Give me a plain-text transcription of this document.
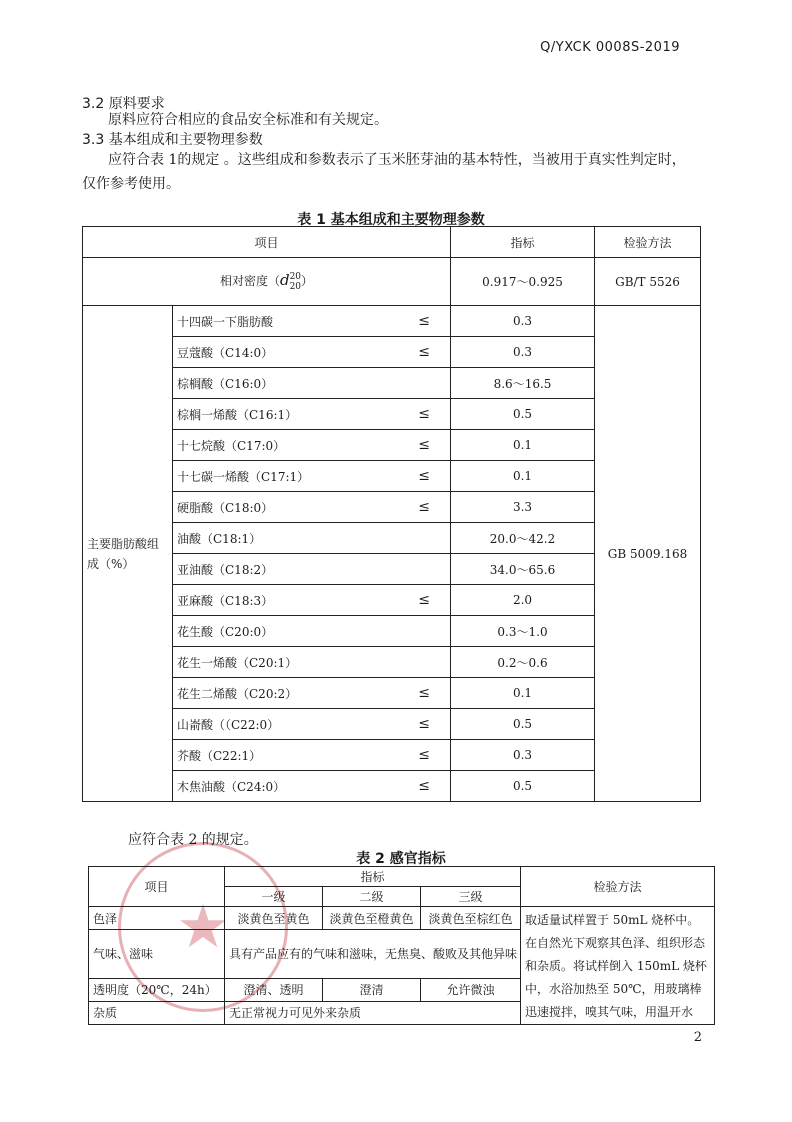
Q/YXCK 0008S-2019
3.2 原料要求
原料应符合相应的食品安全标准和有关规定。
3.3 基本组成和主要物理参数
应符合表 1的规定 。这些组成和参数表示了玉米胚芽油的基本特性，当被用于真实性判定时，
仅作参考使用。
表 1 基本组成和主要物理参数
项目		指标	检验方法
相对密度（d 20
20 ）		0.917～0.925	GB/T 5526
主要脂肪酸组成（%）	十四碳一下脂肪酸 ≤	0.3	GB 5009.168
	豆蔻酸（C14:0） ≤	0.3	
	棕榈酸（C16:0）	8.6～16.5	
	棕榈一烯酸（C16:1） ≤	0.5	
	十七烷酸（C17:0） ≤	0.1	
	十七碳一烯酸（C17:1） ≤	0.1	
	硬脂酸（C18:0） ≤	3.3	
	油酸（C18:1）	20.0～42.2	
	亚油酸（C18:2）	34.0～65.6	
	亚麻酸（C18:3） ≤	2.0	
	花生酸（C20:0）	0.3～1.0	
	花生一烯酸（C20:1）	0.2～0.6	
	花生二烯酸（C20:2） ≤	0.1	
	山嵛酸（（C22:0） ≤	0.5	
	芥酸（C22:1） ≤	0.3	
	木焦油酸（C24:0） ≤	0.5	
★
应符合表 2 的规定。
表 2 感官指标
项目	指标			检验方法
	一级	二级	三级	
色泽	淡黄色至黄色	淡黄色至橙黄色	淡黄色至棕红色	取适量试样置于 50mL 烧杯中。在自然光下观察其色泽、组织形态和杂质。将试样倒入 150mL 烧杯中，水浴加热至 50℃，用玻璃棒迅速搅拌，嗅其气味，用温开水
气味、滋味	具有产品应有的气味和滋味，无焦臭、酸败及其他异味			
透明度（20℃，24h）	澄清、透明	澄清	允许微浊	
杂质	无正常视力可见外来杂质			
2
